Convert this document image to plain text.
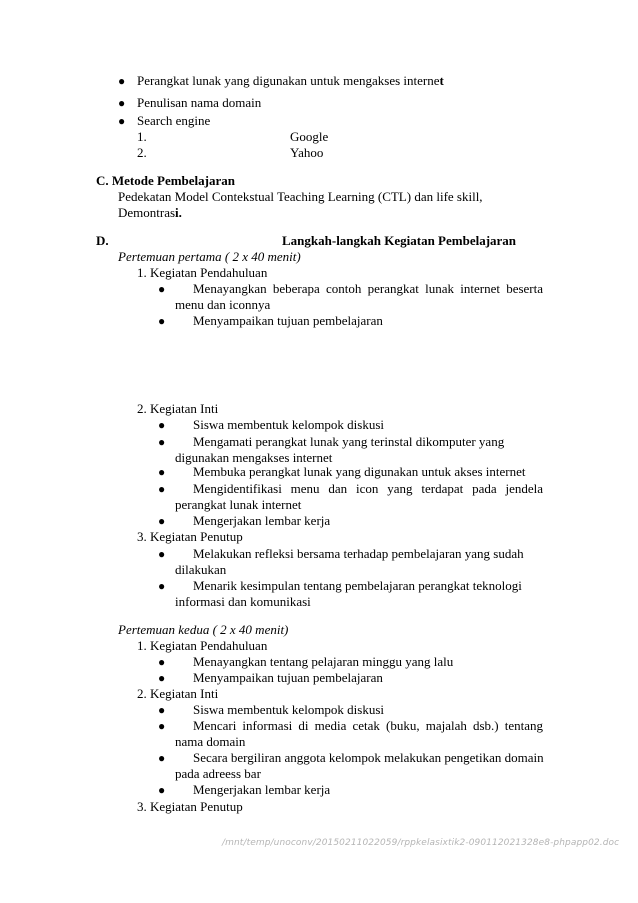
● Perangkat lunak yang digunakan untuk mengakses internet
● Penulisan nama domain
● Search engine
1.	Google
2.	Yahoo
C. Metode Pembelajaran
Pedekatan Model Contekstual Teaching Learning (CTL) dan life skill,
Demontrasi.
D.	Langkah-langkah Kegiatan Pembelajaran
Pertemuan pertama ( 2 x 40 menit)
1. Kegiatan Pendahuluan
● Menayangkan beberapa contoh perangkat lunak internet beserta
menu dan iconnya
● Menyampaikan tujuan pembelajaran
2. Kegiatan Inti
● Siswa membentuk kelompok diskusi
● Mengamati perangkat lunak yang terinstal dikomputer yang
digunakan mengakses internet
● Membuka perangkat lunak yang digunakan untuk akses internet
● Mengidentifikasi menu dan icon yang terdapat pada jendela
perangkat lunak internet
● Mengerjakan lembar kerja
3. Kegiatan Penutup
● Melakukan refleksi bersama terhadap pembelajaran yang sudah
dilakukan
● Menarik kesimpulan tentang pembelajaran perangkat teknologi
informasi dan komunikasi
Pertemuan kedua ( 2 x 40 menit)
1. Kegiatan Pendahuluan
● Menayangkan tentang pelajaran minggu yang lalu
● Menyampaikan tujuan pembelajaran
2. Kegiatan Inti
● Siswa membentuk kelompok diskusi
● Mencari informasi di media cetak (buku, majalah dsb.) tentang
nama domain
● Secara bergiliran anggota kelompok melakukan pengetikan domain
pada adreess bar
● Mengerjakan lembar kerja
3. Kegiatan Penutup
/mnt/temp/unoconv/20150211022059/rppkelasixtik2-090112021328e8-phpapp02.doc
